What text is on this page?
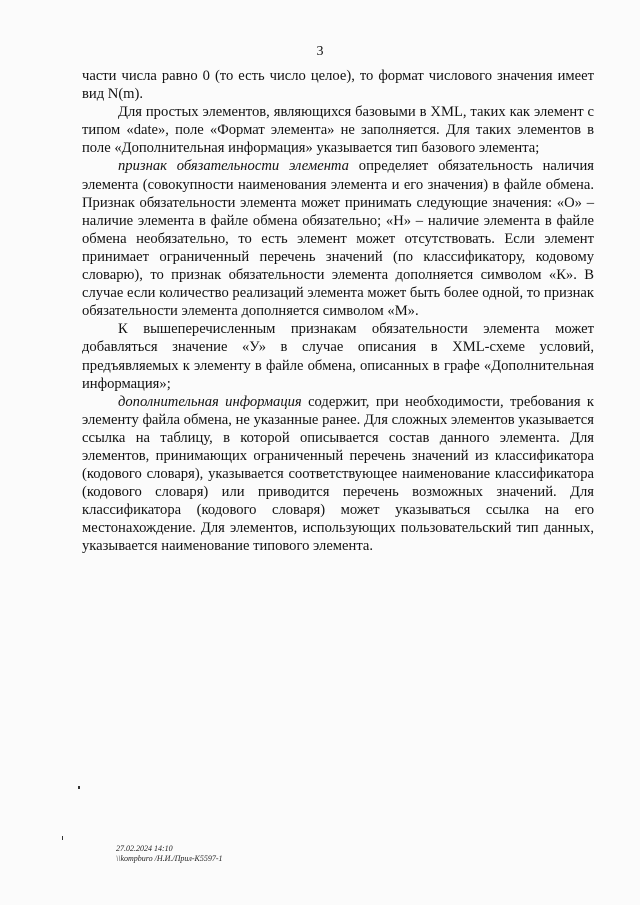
3

части числа равно 0 (то есть число целое), то формат числового значения имеет вид N(m).

Для простых элементов, являющихся базовыми в XML, таких как элемент с типом «date», поле «Формат элемента» не заполняется. Для таких элементов в поле «Дополнительная информация» указывается тип базового элемента;

признак обязательности элемента определяет обязательность наличия элемента (совокупности наименования элемента и его значения) в файле обмена. Признак обязательности элемента может принимать следующие значения: «О» – наличие элемента в файле обмена обязательно; «Н» – наличие элемента в файле обмена необязательно, то есть элемент может отсутствовать. Если элемент принимает ограниченный перечень значений (по классификатору, кодовому словарю), то признак обязательности элемента дополняется символом «К». В случае если количество реализаций элемента может быть более одной, то признак обязательности элемента дополняется символом «М».

К вышеперечисленным признакам обязательности элемента может добавляться значение «У» в случае описания в XML-схеме условий, предъявляемых к элементу в файле обмена, описанных в графе «Дополнительная информация»;

дополнительная информация содержит, при необходимости, требования к элементу файла обмена, не указанные ранее. Для сложных элементов указывается ссылка на таблицу, в которой описывается состав данного элемента. Для элементов, принимающих ограниченный перечень значений из классификатора (кодового словаря), указывается соответствующее наименование классификатора (кодового словаря) или приводится перечень возможных значений. Для классификатора (кодового словаря) может указываться ссылка на его местонахождение. Для элементов, использующих пользовательский тип данных, указывается наименование типового элемента.

27.02.2024 14:10
\\kompburo /Н.И./Прил-К5597-1
